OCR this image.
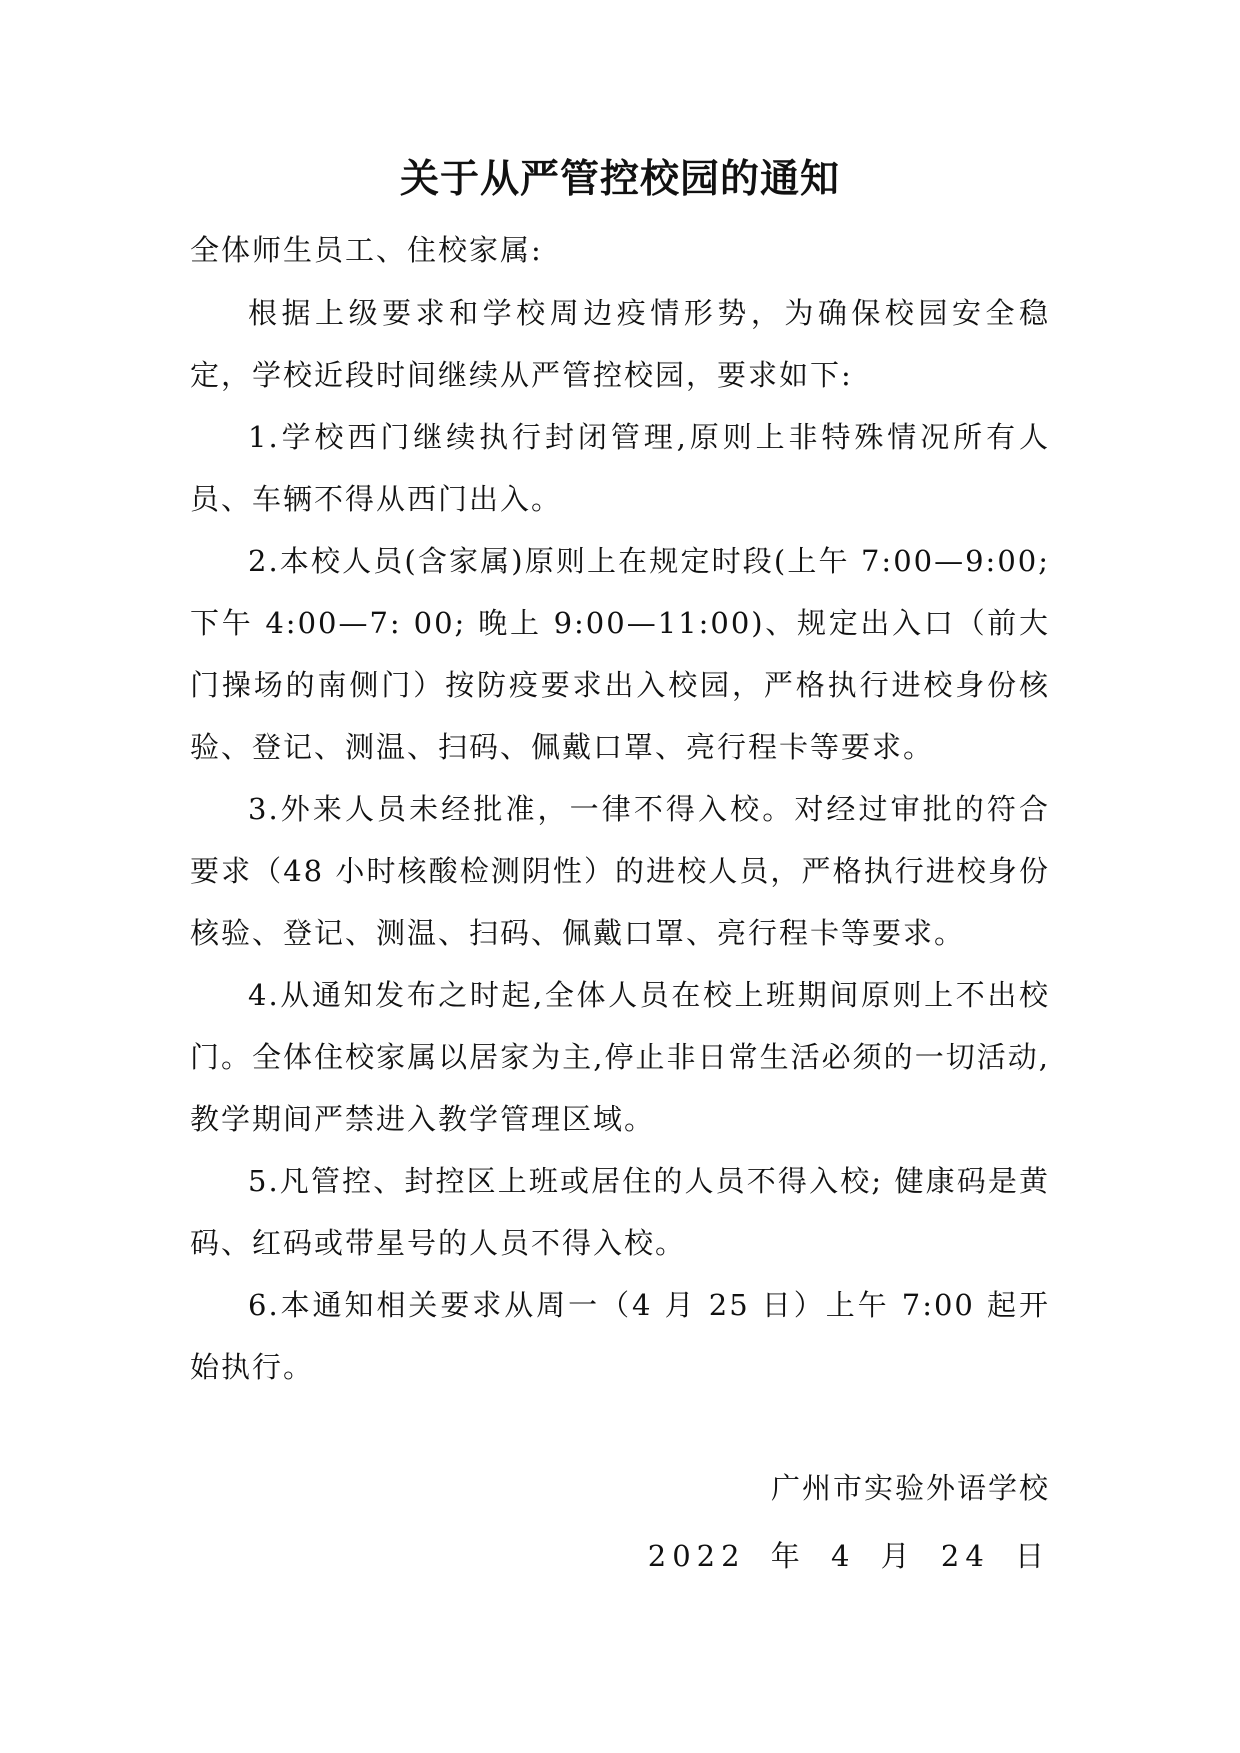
关于从严管控校园的通知
全体师生员工、住校家属:

根据上级要求和学校周边疫情形势，为确保校园安全稳定，学校近段时间继续从严管控校园，要求如下:

1.学校西门继续执行封闭管理,原则上非特殊情况所有人员、车辆不得从西门出入。

2.本校人员(含家属)原则上在规定时段(上午 7:00—9:00;下午 4:00—7: 00; 晚上 9:00—11:00)、规定出入口（前大门操场的南侧门）按防疫要求出入校园，严格执行进校身份核验、登记、测温、扫码、佩戴口罩、亮行程卡等要求。

3.外来人员未经批准，一律不得入校。对经过审批的符合要求（48 小时核酸检测阴性）的进校人员，严格执行进校身份核验、登记、测温、扫码、佩戴口罩、亮行程卡等要求。

4.从通知发布之时起,全体人员在校上班期间原则上不出校门。全体住校家属以居家为主,停止非日常生活必须的一切活动,教学期间严禁进入教学管理区域。

5.凡管控、封控区上班或居住的人员不得入校; 健康码是黄码、红码或带星号的人员不得入校。

6.本通知相关要求从周一（4 月 25 日）上午 7:00 起开始执行。

广州市实验外语学校
2022 年 4 月 24 日
